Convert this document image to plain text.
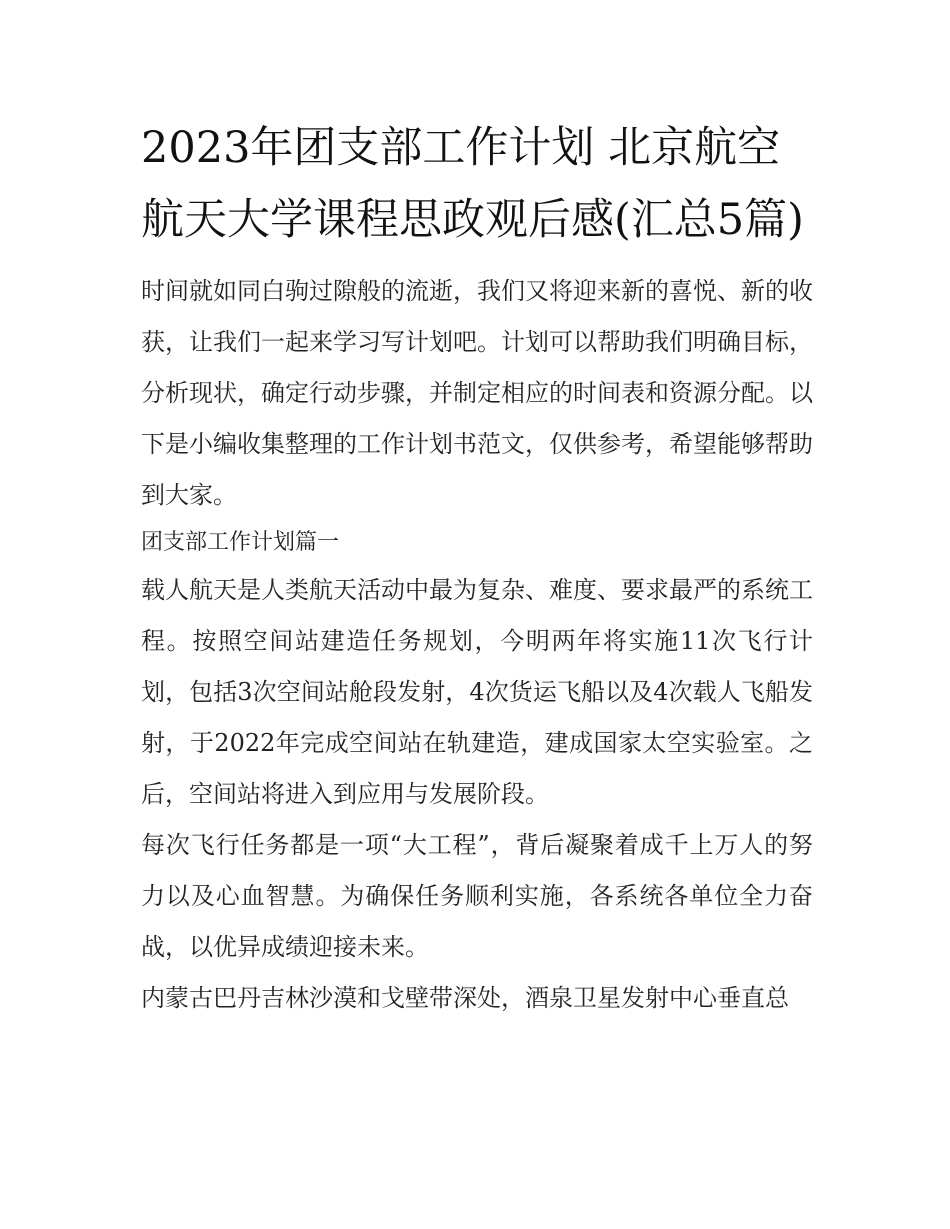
2023年团支部工作计划 北京航空航天大学课程思政观后感(汇总5篇)

时间就如同白驹过隙般的流逝，我们又将迎来新的喜悦、新的收获，让我们一起来学习写计划吧。计划可以帮助我们明确目标，分析现状，确定行动步骤，并制定相应的时间表和资源分配。以下是小编收集整理的工作计划书范文，仅供参考，希望能够帮助到大家。

团支部工作计划篇一

载人航天是人类航天活动中最为复杂、难度、要求最严的系统工程。按照空间站建造任务规划，今明两年将实施11次飞行计划，包括3次空间站舱段发射，4次货运飞船以及4次载人飞船发射，于2022年完成空间站在轨建造，建成国家太空实验室。之后，空间站将进入到应用与发展阶段。

每次飞行任务都是一项“大工程”，背后凝聚着成千上万人的努力以及心血智慧。为确保任务顺利实施，各系统各单位全力奋战，以优异成绩迎接未来。

内蒙古巴丹吉林沙漠和戈壁带深处，酒泉卫星发射中心垂直总
